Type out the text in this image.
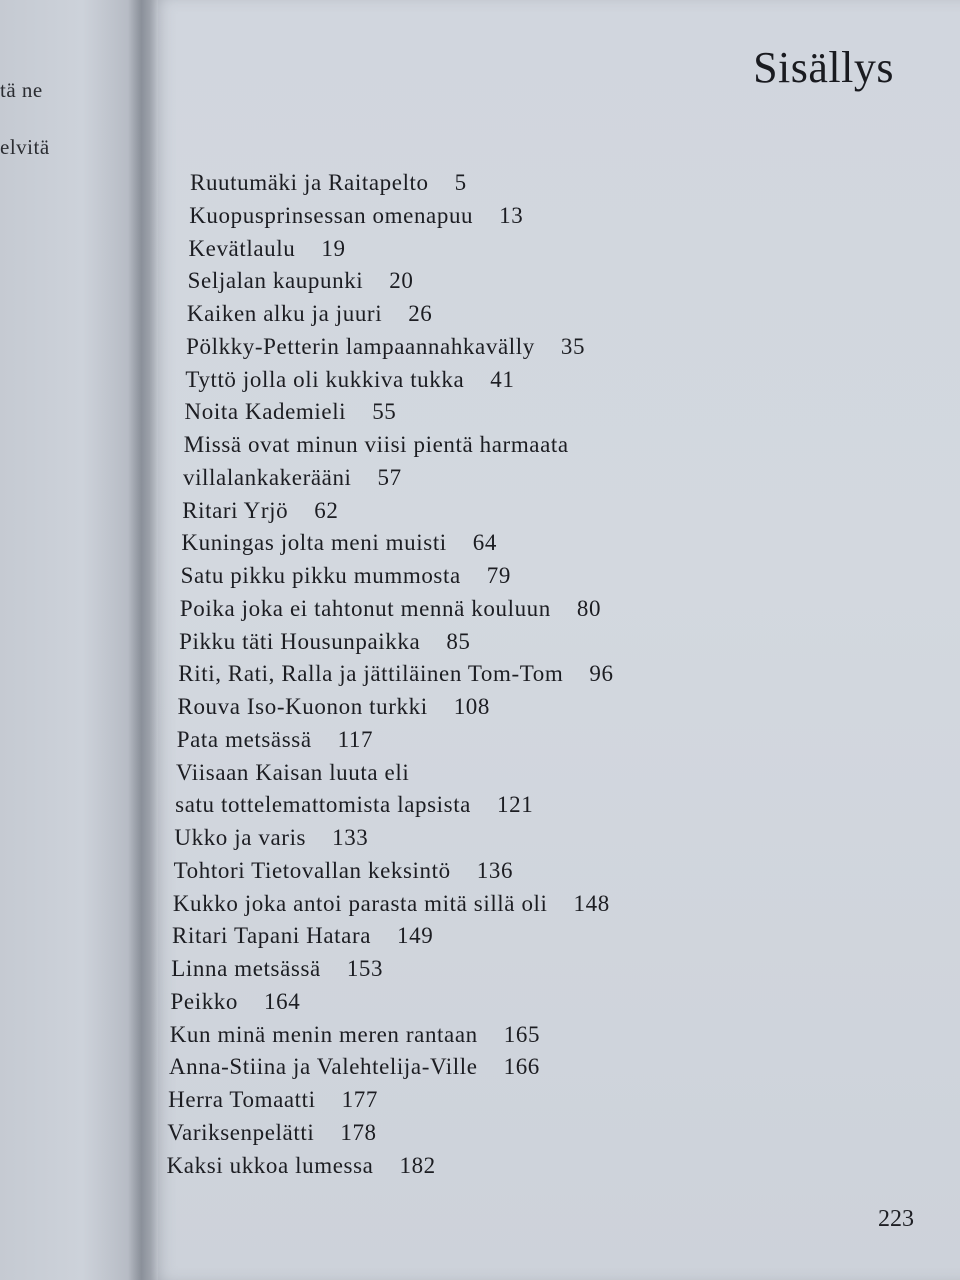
tä ne
elvitä
Sisällys
Ruutumäki ja Raitapelto 5
Kuopusprinsessan omenapuu 13
Kevätlaulu 19
Seljalan kaupunki 20
Kaiken alku ja juuri 26
Pölkky-Petterin lampaannahkavälly 35
Tyttö jolla oli kukkiva tukka 41
Noita Kademieli 55
Missä ovat minun viisi pientä harmaata
villalankakerääni 57
Ritari Yrjö 62
Kuningas jolta meni muisti 64
Satu pikku pikku mummosta 79
Poika joka ei tahtonut mennä kouluun 80
Pikku täti Housunpaikka 85
Riti, Rati, Ralla ja jättiläinen Tom-Tom 96
Rouva Iso-Kuonon turkki 108
Pata metsässä 117
Viisaan Kaisan luuta eli
satu tottelemattomista lapsista 121
Ukko ja varis 133
Tohtori Tietovallan keksintö 136
Kukko joka antoi parasta mitä sillä oli 148
Ritari Tapani Hatara 149
Linna metsässä 153
Peikko 164
Kun minä menin meren rantaan 165
Anna-Stiina ja Valehtelija-Ville 166
Herra Tomaatti 177
Variksenpelätti 178
Kaksi ukkoa lumessa 182
223
